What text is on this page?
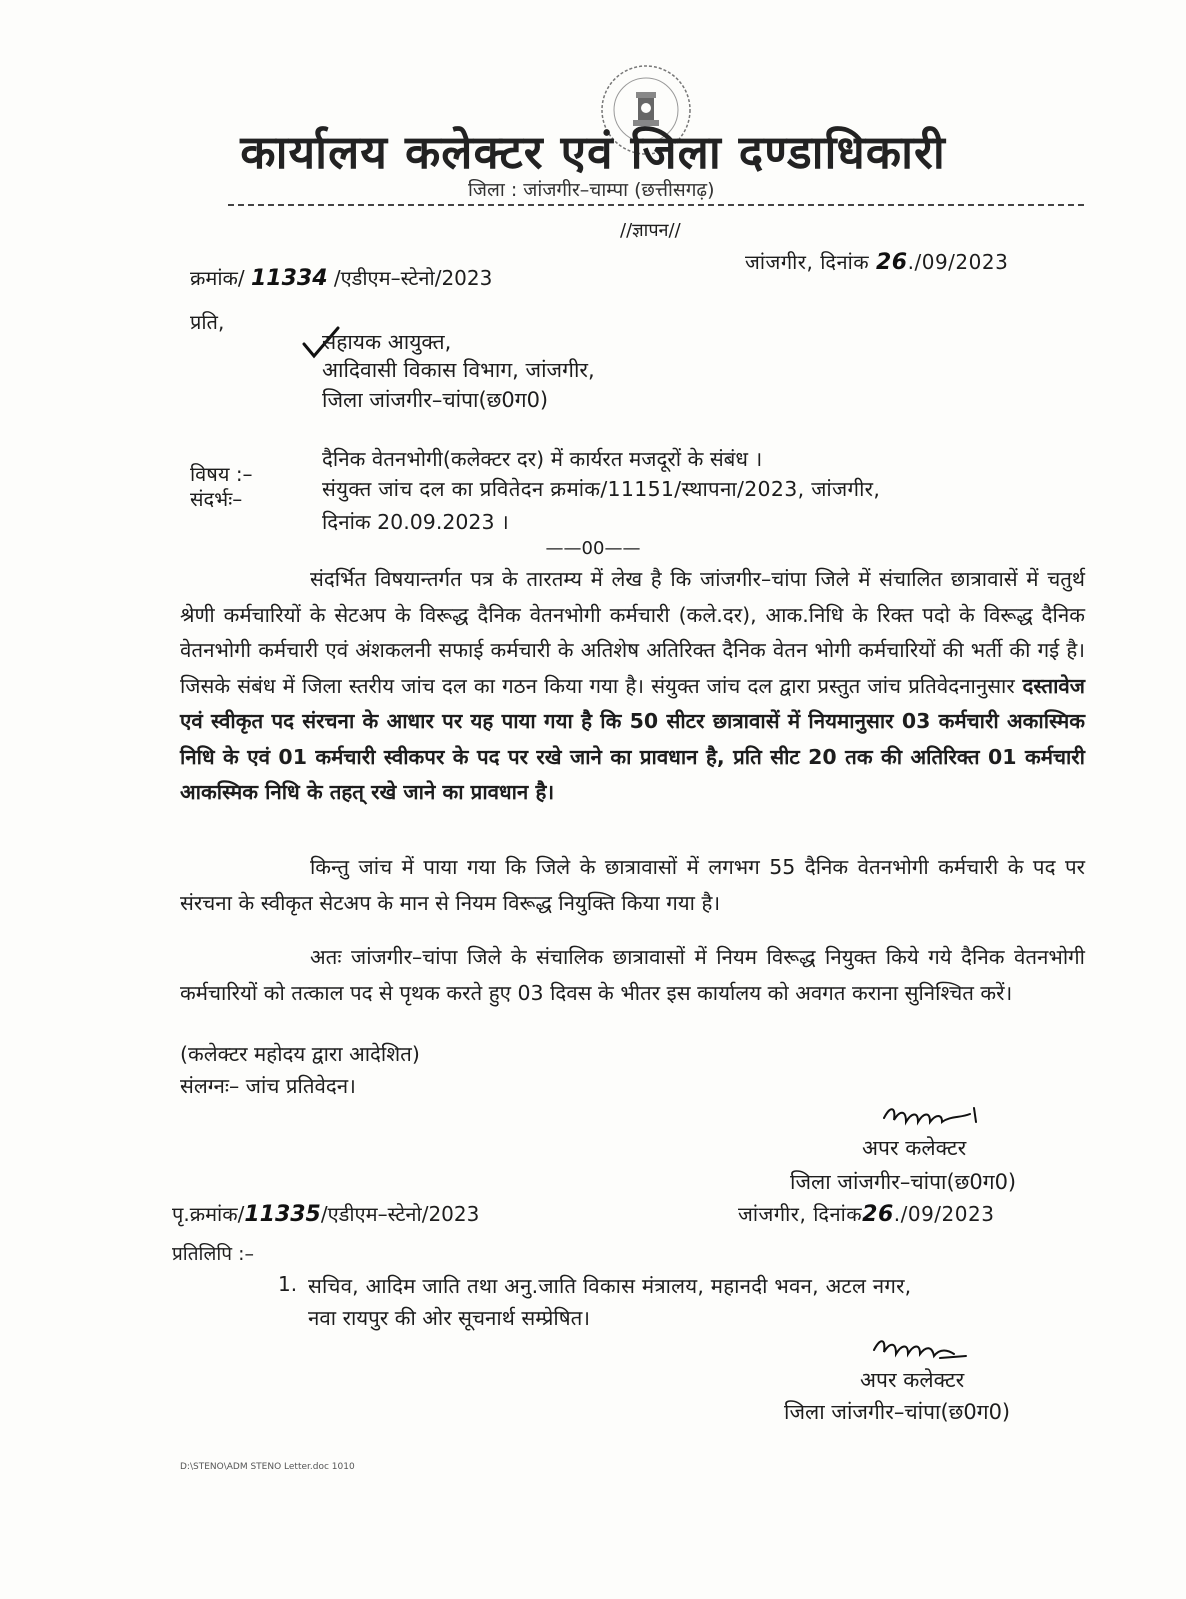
कार्यालय कलेक्टर एवं जिला दण्डाधिकारी
जिला : जांजगीर–चाम्पा (छत्तीसगढ़)
//ज्ञापन//
क्रमांक/ 11334 /एडीएम–स्टेनो/2023
जांजगीर, दिनांक 26./09/2023
प्रति,
सहायक आयुक्त,
आदिवासी विकास विभाग, जांजगीर,
जिला जांजगीर–चांपा(छ0ग0)
विषय :–
दैनिक वेतनभोगी(कलेक्टर दर) में कार्यरत मजदूरों के संबंध ।
संदर्भः–	संयुक्त जांच दल का प्रवितेदन क्रमांक/11151/स्थापना/2023, जांजगीर,
दिनांक 20.09.2023 ।
——00——
संदर्भित विषयान्तर्गत पत्र के तारतम्य में लेख है कि जांजगीर–चांपा जिले में संचालित छात्रावासें में चतुर्थ श्रेणी कर्मचारियों के सेटअप के विरूद्ध दैनिक वेतनभोगी कर्मचारी (कले.दर), आक.निधि के रिक्त पदो के विरूद्ध दैनिक वेतनभोगी कर्मचारी एवं अंशकलनी सफाई कर्मचारी के अतिशेष अतिरिक्त दैनिक वेतन भोगी कर्मचारियों की भर्ती की गई है। जिसके संबंध में जिला स्तरीय जांच दल का गठन किया गया है। संयुक्त जांच दल द्वारा प्रस्तुत जांच प्रतिवेदनानुसार दस्तावेज एवं स्वीकृत पद संरचना के आधार पर यह पाया गया है कि 50 सीटर छात्रावासें में नियमानुसार 03 कर्मचारी अकास्मिक निधि के एवं 01 कर्मचारी स्वीकपर के पद पर रखे जाने का प्रावधान है, प्रति सीट 20 तक की अतिरिक्त 01 कर्मचारी आकस्मिक निधि के तहत् रखे जाने का प्रावधान है।
किन्तु जांच में पाया गया कि जिले के छात्रावासों में लगभग 55 दैनिक वेतनभोगी कर्मचारी के पद पर संरचना के स्वीकृत सेटअप के मान से नियम विरूद्ध नियुक्ति किया गया है।
अतः जांजगीर–चांपा जिले के संचालिक छात्रावासों में नियम विरूद्ध नियुक्त किये गये दैनिक वेतनभोगी कर्मचारियों को तत्काल पद से पृथक करते हुए 03 दिवस के भीतर इस कार्यालय को अवगत कराना सुनिश्चित करें।
(कलेक्टर महोदय द्वारा आदेशित)
संलग्नः– जांच प्रतिवेदन।
अपर कलेक्टर
जिला जांजगीर–चांपा(छ0ग0)
पृ.क्रमांक/11335/एडीएम–स्टेनो/2023	जांजगीर, दिनांक26./09/2023
प्रतिलिपि :–
1. सचिव, आदिम जाति तथा अनु.जाति विकास मंत्रालय, महानदी भवन, अटल नगर,
नवा रायपुर की ओर सूचनार्थ सम्प्रेषित।
अपर कलेक्टर
जिला जांजगीर–चांपा(छ0ग0)
D:\STENO\ADM STENO Letter.doc 1010
